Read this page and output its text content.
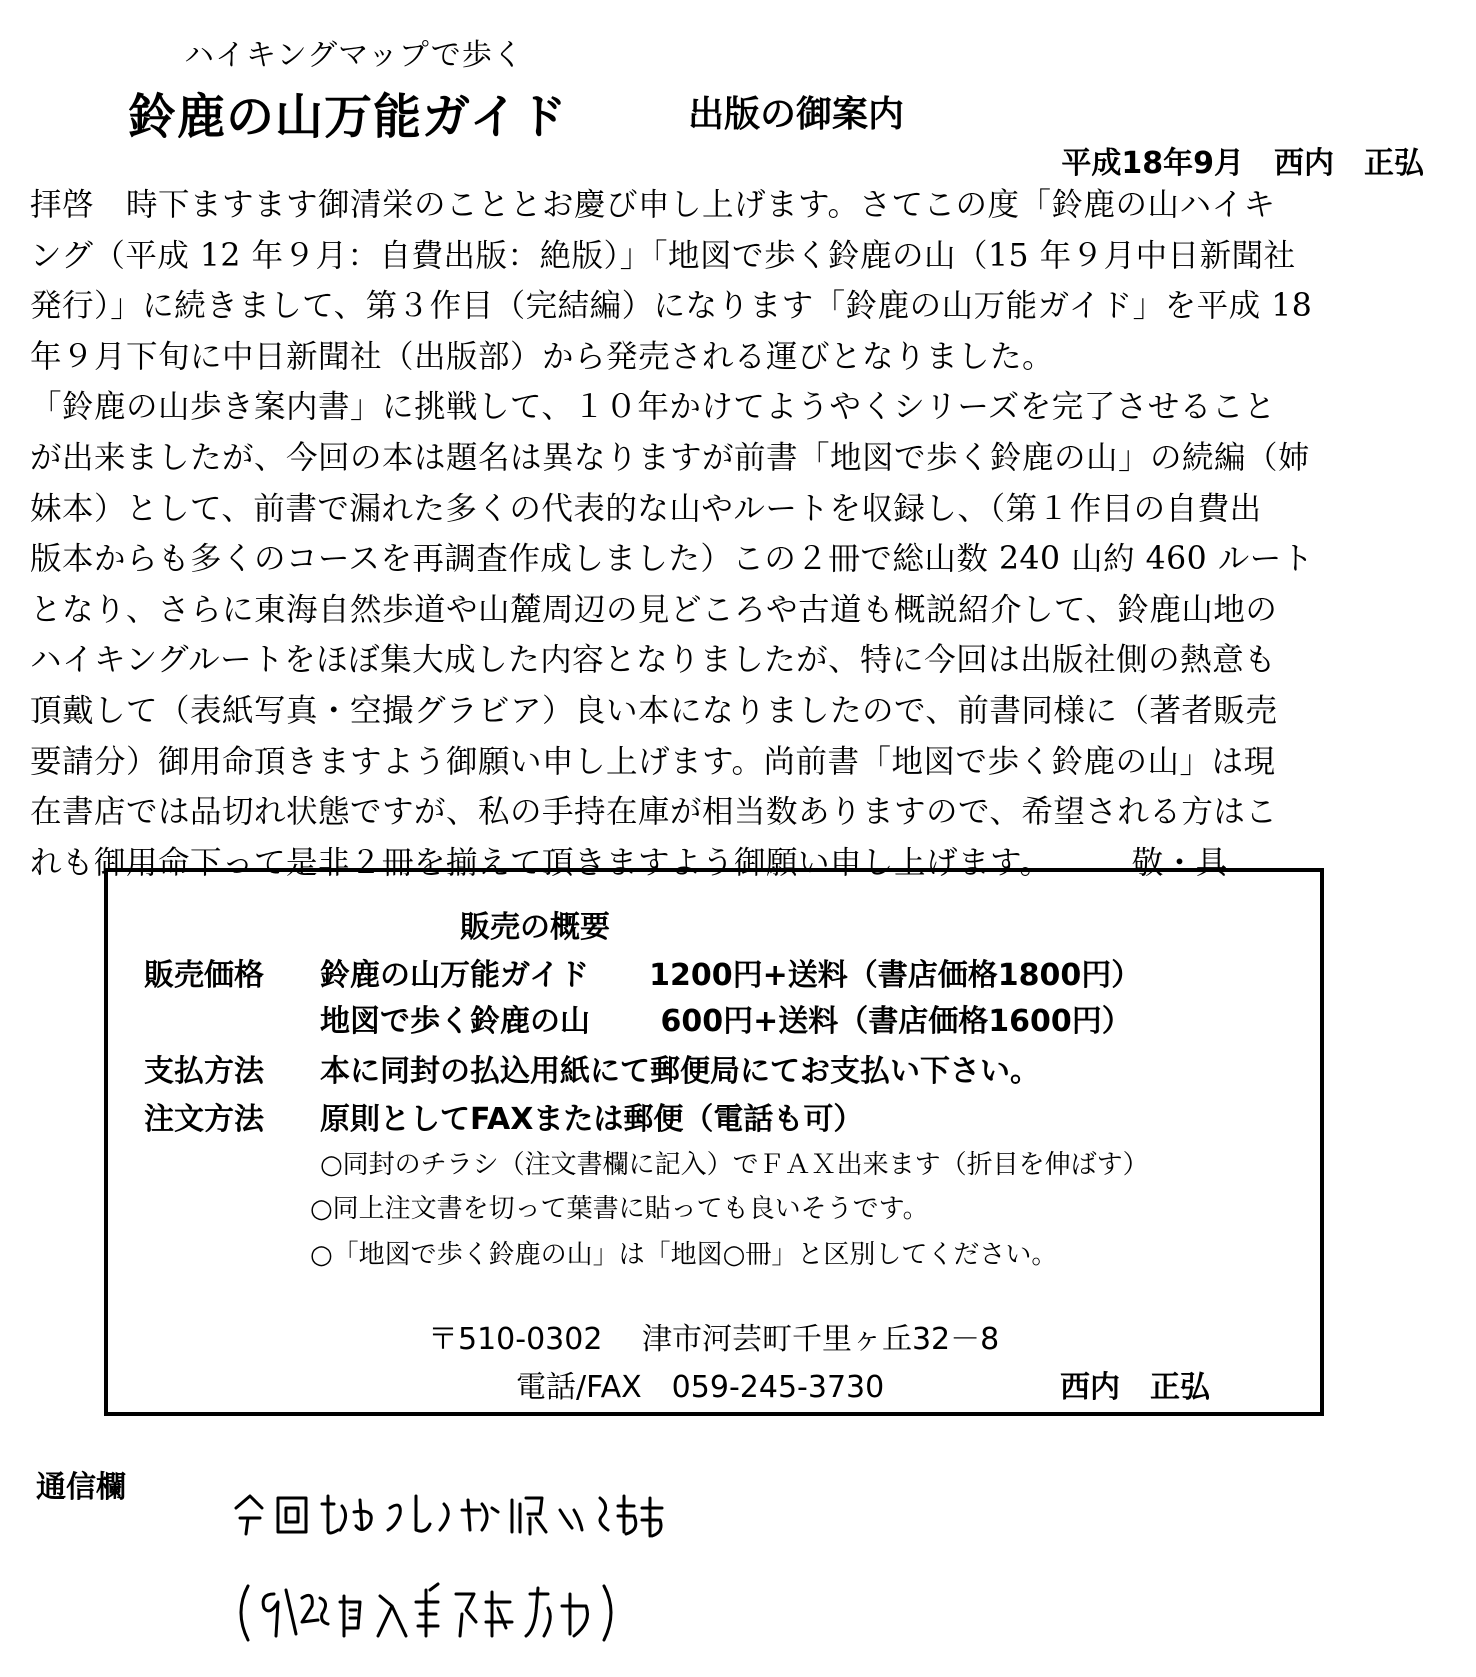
ハイキングマップで歩く
鈴鹿の山万能ガイド	出版の御案内
平成18年9月　西内　正弘
拝啓　時下ますます御清栄のこととお慶び申し上げます。さてこの度「鈴鹿の山ハイキ
ング（平成 12 年９月：自費出版：絶版）」「地図で歩く鈴鹿の山（15 年９月中日新聞社
発行）」に続きまして、第３作目（完結編）になります「鈴鹿の山万能ガイド」を平成 18
年９月下旬に中日新聞社（出版部）から発売される運びとなりました。
「鈴鹿の山歩き案内書」に挑戦して、１０年かけてようやくシリーズを完了させること
が出来ましたが、今回の本は題名は異なりますが前書「地図で歩く鈴鹿の山」の続編（姉
妹本）として、前書で漏れた多くの代表的な山やルートを収録し、（第１作目の自費出
版本からも多くのコースを再調査作成しました）この２冊で総山数 240 山約 460 ルート
となり、さらに東海自然歩道や山麓周辺の見どころや古道も概説紹介して、鈴鹿山地の
ハイキングルートをほぼ集大成した内容となりましたが、特に今回は出版社側の熱意も
頂戴して（表紙写真・空撮グラビア）良い本になりましたので、前書同様に（著者販売
要請分）御用命頂きますよう御願い申し上げます。尚前書「地図で歩く鈴鹿の山」は現
在書店では品切れ状態ですが、私の手持在庫が相当数ありますので、希望される方はこ
れも御用命下って是非２冊を揃えて頂きますよう御願い申し上げます。　　　敬・具
販売の概要
販売価格 鈴鹿の山万能ガイド　　1200円+送料（書店価格1800円）
地図で歩く鈴鹿の山　　 600円+送料（書店価格1600円）
支払方法 本に同封の払込用紙にて郵便局にてお支払い下さい。
注文方法 原則としてFAXまたは郵便（電話も可）
○同封のチラシ（注文書欄に記入）でＦＡＸ出来ます（折目を伸ばす）
○同上注文書を切って葉書に貼っても良いそうです。
○「地図で歩く鈴鹿の山」は「地図○冊」と区別してください。
〒510-0302　 津市河芸町千里ヶ丘32－8
電話/FAX　059-245-3730	西内　正弘
通信欄
